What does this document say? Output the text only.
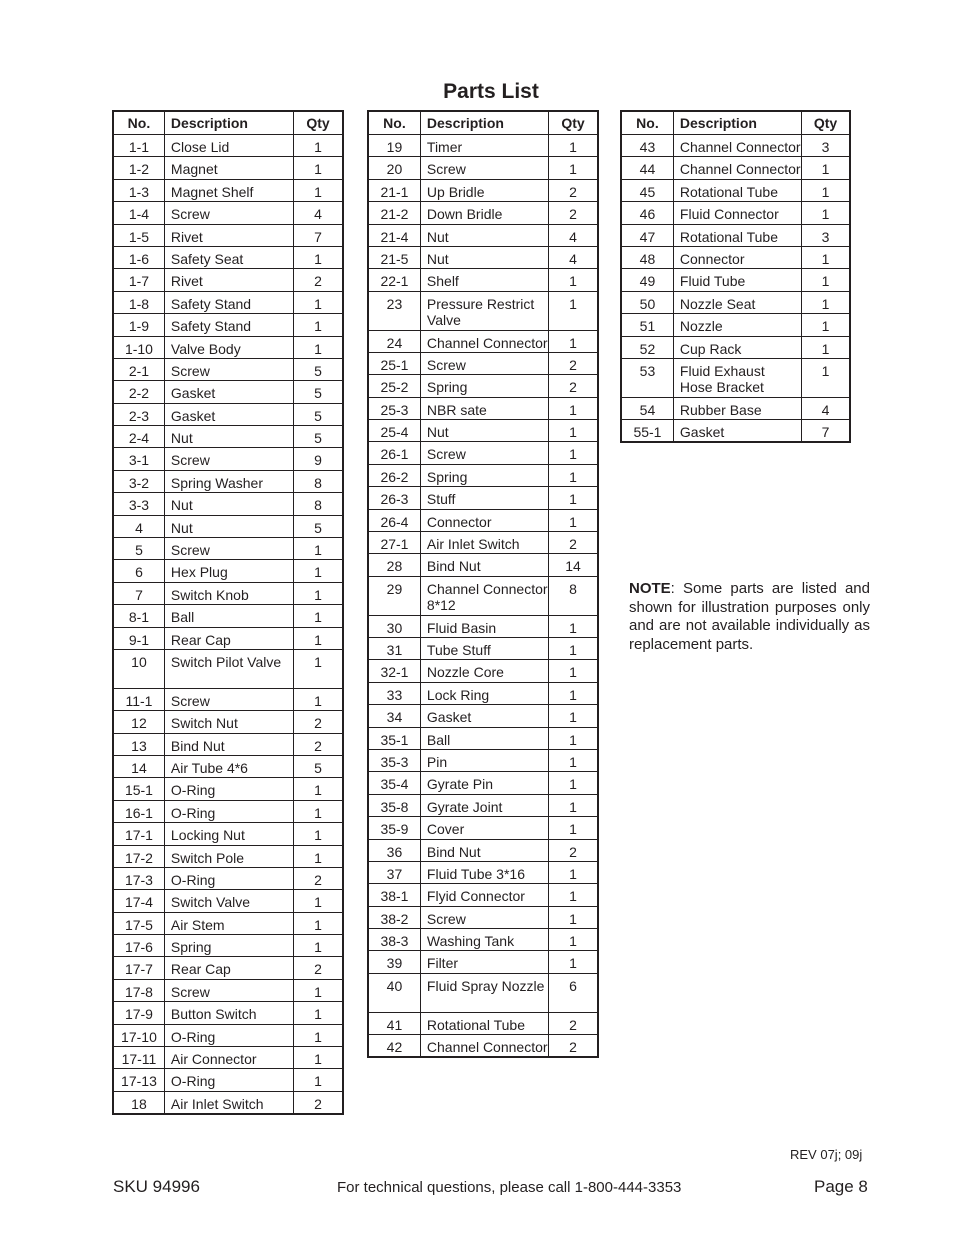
Parts List
No.	Description	Qty
1-1	Close Lid	1
1-2	Magnet	1
1-3	Magnet Shelf	1
1-4	Screw	4
1-5	Rivet	7
1-6	Safety Seat	1
1-7	Rivet	2
1-8	Safety Stand	1
1-9	Safety Stand	1
1-10	Valve Body	1
2-1	Screw	5
2-2	Gasket	5
2-3	Gasket	5
2-4	Nut	5
3-1	Screw	9
3-2	Spring Washer	8
3-3	Nut	8
4	Nut	5
5	Screw	1
6	Hex Plug	1
7	Switch Knob	1
8-1	Ball	1
9-1	Rear Cap	1
10	Switch Pilot Valve	1
11-1	Screw	1
12	Switch Nut	2
13	Bind Nut	2
14	Air Tube 4*6	5
15-1	O-Ring	1
16-1	O-Ring	1
17-1	Locking Nut	1
17-2	Switch Pole	1
17-3	O-Ring	2
17-4	Switch Valve	1
17-5	Air Stem	1
17-6	Spring	1
17-7	Rear Cap	2
17-8	Screw	1
17-9	Button Switch	1
17-10	O-Ring	1
17-11	Air Connector	1
17-13	O-Ring	1
18	Air Inlet Switch	2
No.	Description	Qty
19	Timer	1
20	Screw	1
21-1	Up Bridle	2
21-2	Down Bridle	2
21-4	Nut	4
21-5	Nut	4
22-1	Shelf	1
23	Pressure Restrict Valve	1
24	Channel Connector	1
25-1	Screw	2
25-2	Spring	2
25-3	NBR sate	1
25-4	Nut	1
26-1	Screw	1
26-2	Spring	1
26-3	Stuff	1
26-4	Connector	1
27-1	Air Inlet Switch	2
28	Bind Nut	14
29	Channel Connector 8*12	8
30	Fluid Basin	1
31	Tube Stuff	1
32-1	Nozzle Core	1
33	Lock Ring	1
34	Gasket	1
35-1	Ball	1
35-3	Pin	1
35-4	Gyrate Pin	1
35-8	Gyrate Joint	1
35-9	Cover	1
36	Bind Nut	2
37	Fluid Tube 3*16	1
38-1	Flyid Connector	1
38-2	Screw	1
38-3	Washing Tank	1
39	Filter	1
40	Fluid Spray Nozzle	6
41	Rotational Tube	2
42	Channel Connector	2
No.	Description	Qty
43	Channel Connector	3
44	Channel Connector	1
45	Rotational Tube	1
46	Fluid Connector	1
47	Rotational Tube	3
48	Connector	1
49	Fluid Tube	1
50	Nozzle Seat	1
51	Nozzle	1
52	Cup Rack	1
53	Fluid Exhaust Hose Bracket	1
54	Rubber Base	4
55-1	Gasket	7
NOTE: Some parts are listed and shown for illustration purposes only and are not available individually as replacement parts.
REV 07j; 09j
SKU 94996	For technical questions, please call 1-800-444-3353	Page 8
